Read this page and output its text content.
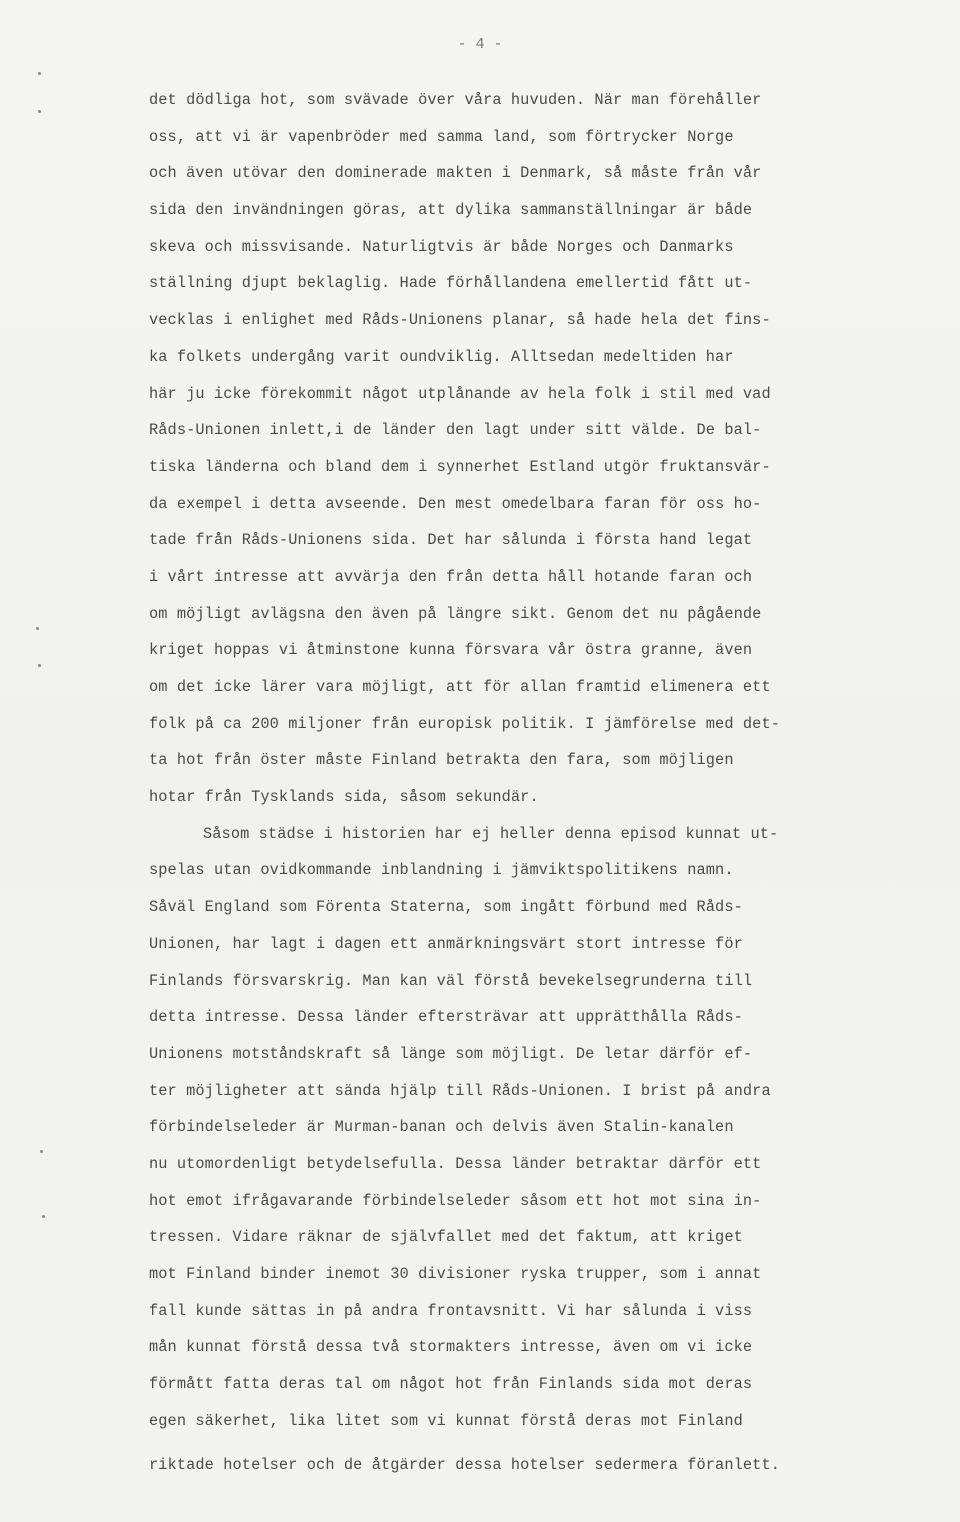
- 4 -
det dödliga hot, som svävade över våra huvuden. När man förehåller
oss, att vi är vapenbröder med samma land, som förtrycker Norge
och även utövar den dominerade makten i Denmark, så måste från vår
sida den invändningen göras, att dylika sammanställningar är både
skeva och missvisande. Naturligtvis är både Norges och Danmarks
ställning djupt beklaglig. Hade förhållandena emellertid fått ut-
vecklas i enlighet med Råds-Unionens planar, så hade hela det fins-
ka folkets undergång varit oundviklig. Alltsedan medeltiden har
här ju icke förekommit något utplånande av hela folk i stil med vad
Råds-Unionen inlett,i de länder den lagt under sitt välde. De bal-
tiska länderna och bland dem i synnerhet Estland utgör fruktansvär-
da exempel i detta avseende. Den mest omedelbara faran för oss ho-
tade från Råds-Unionens sida. Det har sålunda i första hand legat
i vårt intresse att avvärja den från detta håll hotande faran och
om möjligt avlägsna den även på längre sikt. Genom det nu pågående
kriget hoppas vi åtminstone kunna försvara vår östra granne, även
om det icke lärer vara möjligt, att för allan framtid elimenera ett
folk på ca 200 miljoner från europisk politik. I jämförelse med det-
ta hot från öster måste Finland betrakta den fara, som möjligen
hotar från Tysklands sida, såsom sekundär.
Såsom städse i historien har ej heller denna episod kunnat ut-
spelas utan ovidkommande inblandning i jämviktspolitikens namn.
Såväl England som Förenta Staterna, som ingått förbund med Råds-
Unionen, har lagt i dagen ett anmärkningsvärt stort intresse för
Finlands försvarskrig. Man kan väl förstå bevekelsegrunderna till
detta intresse. Dessa länder eftersträvar att upprätthålla Råds-
Unionens motståndskraft så länge som möjligt. De letar därför ef-
ter möjligheter att sända hjälp till Råds-Unionen. I brist på andra
förbindelseleder är Murman-banan och delvis även Stalin-kanalen
nu utomordenligt betydelsefulla. Dessa länder betraktar därför ett
hot emot ifrågavarande förbindelseleder såsom ett hot mot sina in-
tressen. Vidare räknar de självfallet med det faktum, att kriget
mot Finland binder inemot 30 divisioner ryska trupper, som i annat
fall kunde sättas in på andra frontavsnitt. Vi har sålunda i viss
mån kunnat förstå dessa två stormakters intresse, även om vi icke
förmått fatta deras tal om något hot från Finlands sida mot deras
egen säkerhet, lika litet som vi kunnat förstå deras mot Finland
riktade hotelser och de åtgärder dessa hotelser sedermera föranlett.
